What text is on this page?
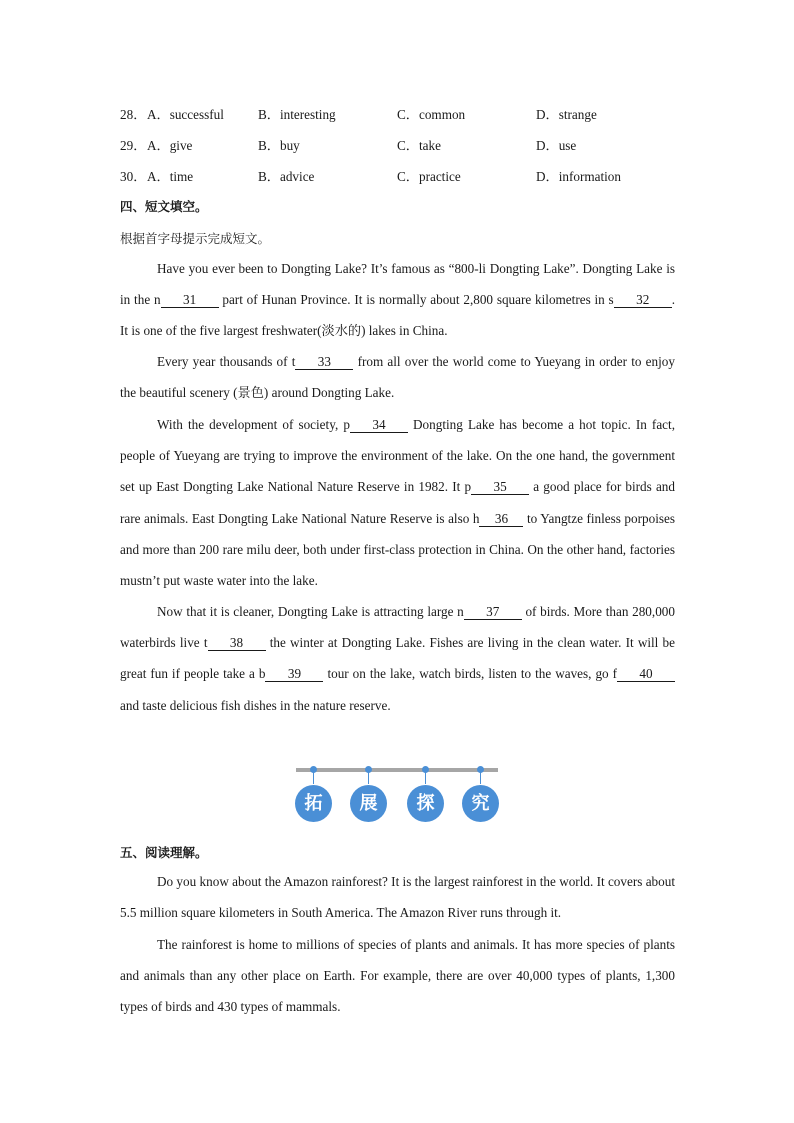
28． A．successful	B．interesting	C．common	D．strange
29． A．give	B．buy	C．take	D．use
30． A．time	B．advice	C．practice	D．information
四、短文填空。
根据首字母提示完成短文。
Have you ever been to Dongting Lake? It’s famous as “800-li Dongting Lake”. Dongting Lake is in the n 31 part of Hunan Province. It is normally about 2,800 square kilometres in s 32 . It is one of the five largest freshwater(淡水的) lakes in China.
Every year thousands of t 33 from all over the world come to Yueyang in order to enjoy the beautiful scenery (景色) around Dongting Lake.
With the development of society, p 34 Dongting Lake has become a hot topic. In fact, people of Yueyang are trying to improve the environment of the lake. On the one hand, the government set up East Dongting Lake National Nature Reserve in 1982. It p 35 a good place for birds and rare animals. East Dongting Lake National Nature Reserve is also h 36 to Yangtze finless porpoises and more than 200 rare milu deer, both under first-class protection in China. On the other hand, factories mustn’t put waste water into the lake.
Now that it is cleaner, Dongting Lake is attracting large n 37 of birds. More than 280,000 waterbirds live t 38 the winter at Dongting Lake. Fishes are living in the clean water. It will be great fun if people take a b 39 tour on the lake, watch birds, listen to the waves, go f 40 and taste delicious fish dishes in the nature reserve.
拓	展	探	究
五、阅读理解。
Do you know about the Amazon rainforest? It is the largest rainforest in the world. It covers about 5.5 million square kilometers in South America. The Amazon River runs through it.
The rainforest is home to millions of species of plants and animals. It has more species of plants and animals than any other place on Earth. For example, there are over 40,000 types of plants, 1,300 types of birds and 430 types of mammals.
